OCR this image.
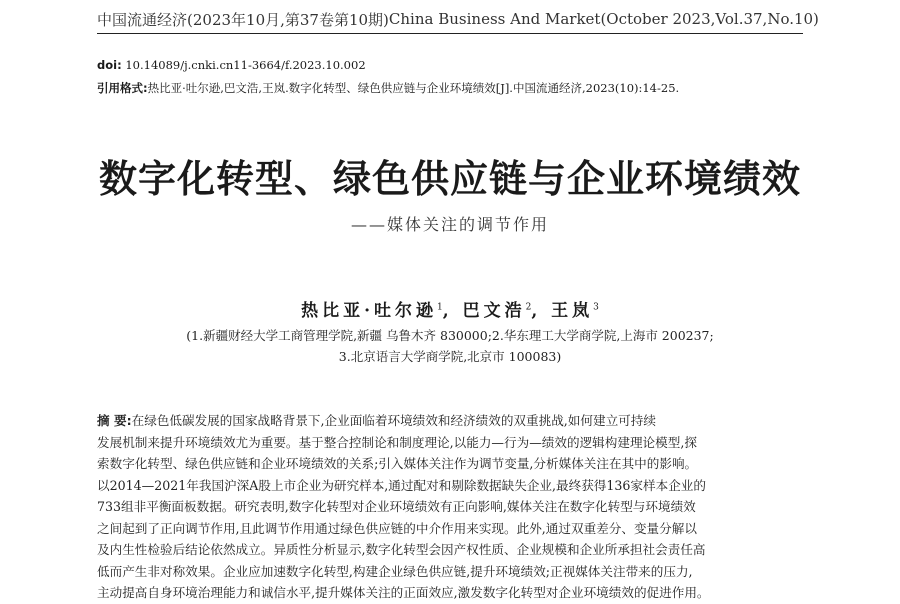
中国流通经济(2023年10月,第37卷第10期) China Business And Market(October 2023,Vol.37,No.10)
doi: 10.14089/j.cnki.cn11-3664/f.2023.10.002
引用格式:热比亚·吐尔逊,巴文浩,王岚.数字化转型、绿色供应链与企业环境绩效[J].中国流通经济,2023(10):14-25.
数字化转型、绿色供应链与企业环境绩效
——媒体关注的调节作用
热比亚·吐尔逊$^1$, 巴文浩$^2$, 王岚$^3$
(1.新疆财经大学工商管理学院,新疆 乌鲁木齐 830000;2.华东理工大学商学院,上海市 200237;
3.北京语言大学商学院,北京市 100083)
摘 要:在绿色低碳发展的国家战略背景下,企业面临着环境绩效和经济绩效的双重挑战,如何建立可持续
发展机制来提升环境绩效尤为重要。基于整合控制论和制度理论,以能力—行为—绩效的逻辑构建理论模型,探
索数字化转型、绿色供应链和企业环境绩效的关系;引入媒体关注作为调节变量,分析媒体关注在其中的影响。
以2014—2021年我国沪深A股上市企业为研究样本,通过配对和剔除数据缺失企业,最终获得136家样本企业的
733组非平衡面板数据。研究表明,数字化转型对企业环境绩效有正向影响,媒体关注在数字化转型与环境绩效
之间起到了正向调节作用,且此调节作用通过绿色供应链的中介作用来实现。此外,通过双重差分、变量分解以
及内生性检验后结论依然成立。异质性分析显示,数字化转型会因产权性质、企业规模和企业所承担社会责任高
低而产生非对称效果。企业应加速数字化转型,构建企业绿色供应链,提升环境绩效;正视媒体关注带来的压力,
主动提高自身环境治理能力和诚信水平,提升媒体关注的正面效应,激发数字化转型对企业环境绩效的促进作用。
